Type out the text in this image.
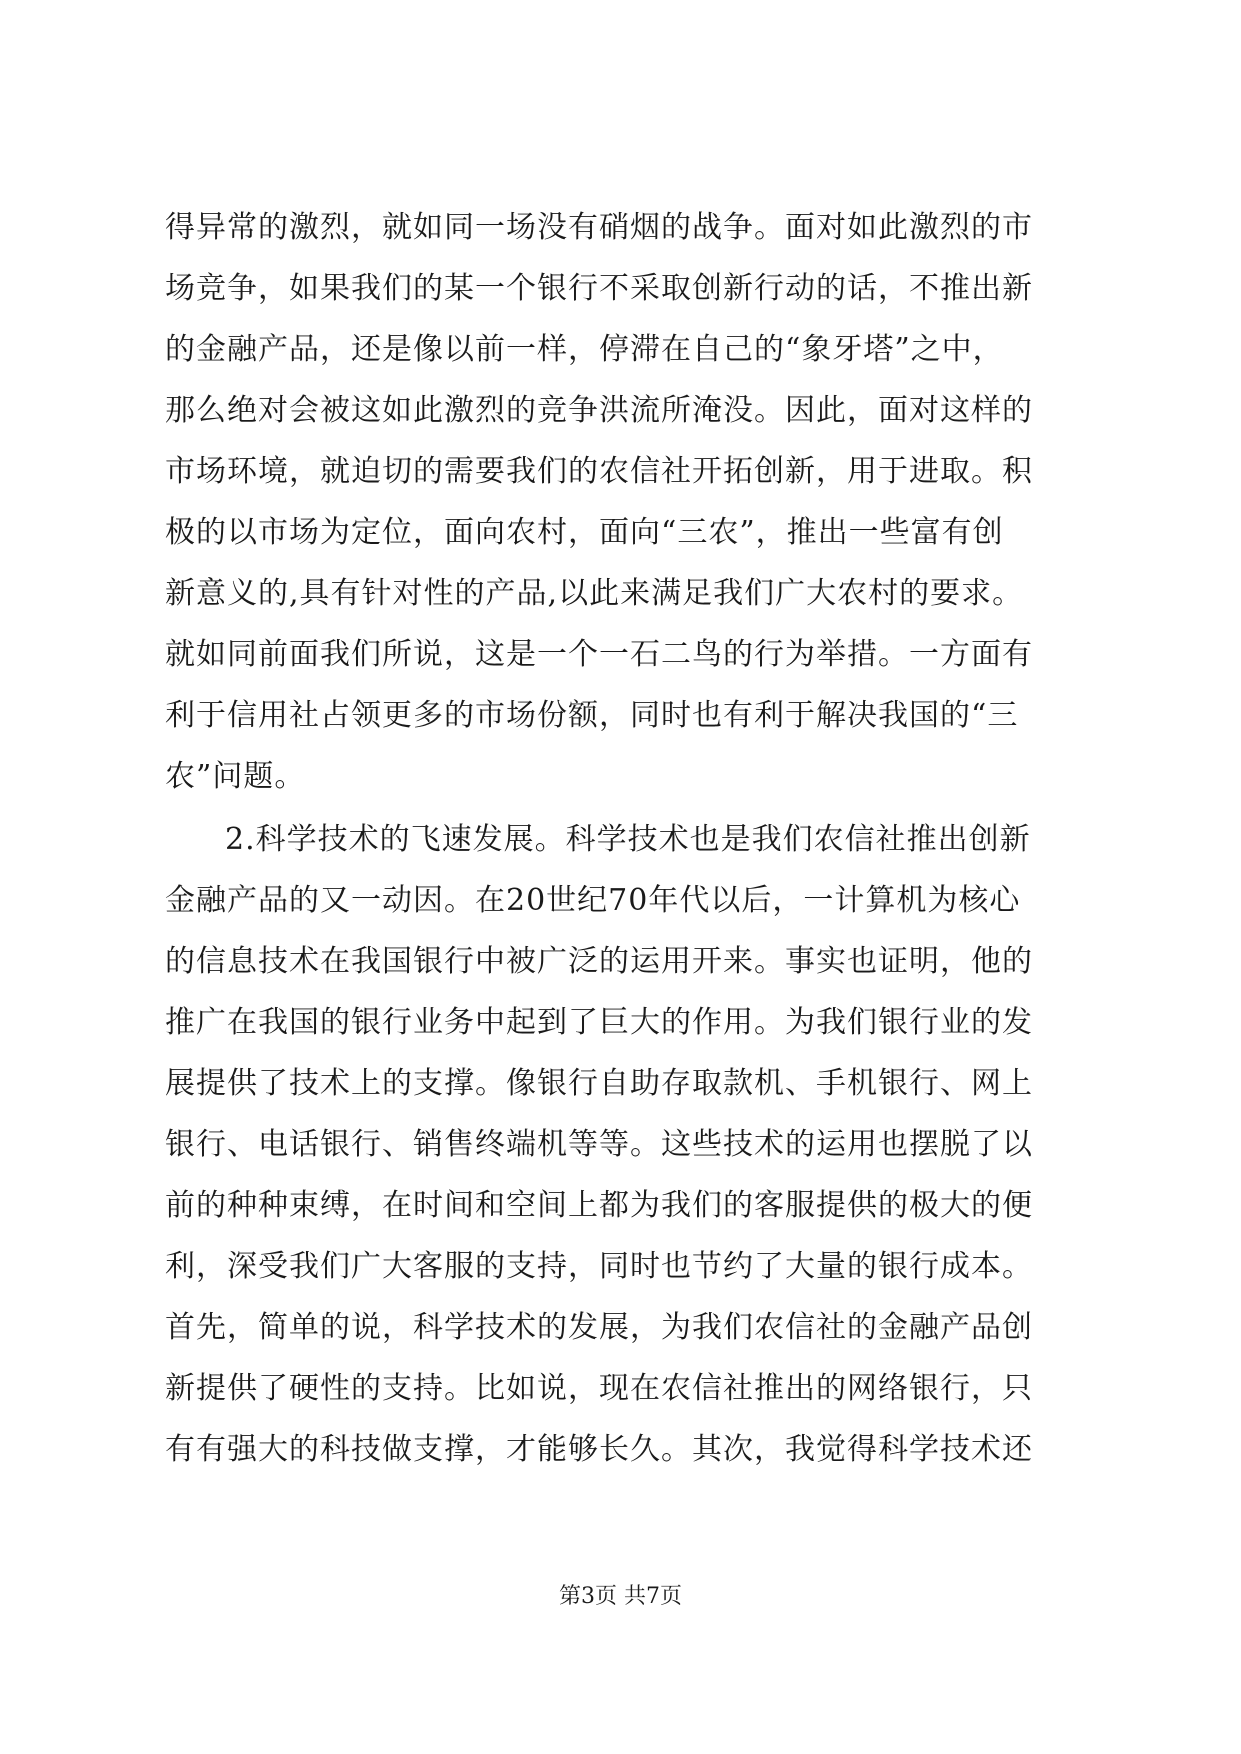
得异常的激烈，就如同一场没有硝烟的战争。面对如此激烈的市
场竞争，如果我们的某一个银行不采取创新行动的话，不推出新
的金融产品，还是像以前一样，停滞在自己的“象牙塔”之中，
那么绝对会被这如此激烈的竞争洪流所淹没。因此，面对这样的
市场环境，就迫切的需要我们的农信社开拓创新，用于进取。积
极的以市场为定位，面向农村，面向“三农”，推出一些富有创
新意义的,具有针对性的产品,以此来满足我们广大农村的要求。
就如同前面我们所说，这是一个一石二鸟的行为举措。一方面有
利于信用社占领更多的市场份额，同时也有利于解决我国的“三
农”问题。
2.科学技术的飞速发展。科学技术也是我们农信社推出创新
金融产品的又一动因。在20世纪70年代以后，一计算机为核心
的信息技术在我国银行中被广泛的运用开来。事实也证明，他的
推广在我国的银行业务中起到了巨大的作用。为我们银行业的发
展提供了技术上的支撑。像银行自助存取款机、手机银行、网上
银行、电话银行、销售终端机等等。这些技术的运用也摆脱了以
前的种种束缚，在时间和空间上都为我们的客服提供的极大的便
利，深受我们广大客服的支持，同时也节约了大量的银行成本。
首先，简单的说，科学技术的发展，为我们农信社的金融产品创
新提供了硬性的支持。比如说，现在农信社推出的网络银行，只
有有强大的科技做支撑，才能够长久。其次，我觉得科学技术还
第3页 共7页
